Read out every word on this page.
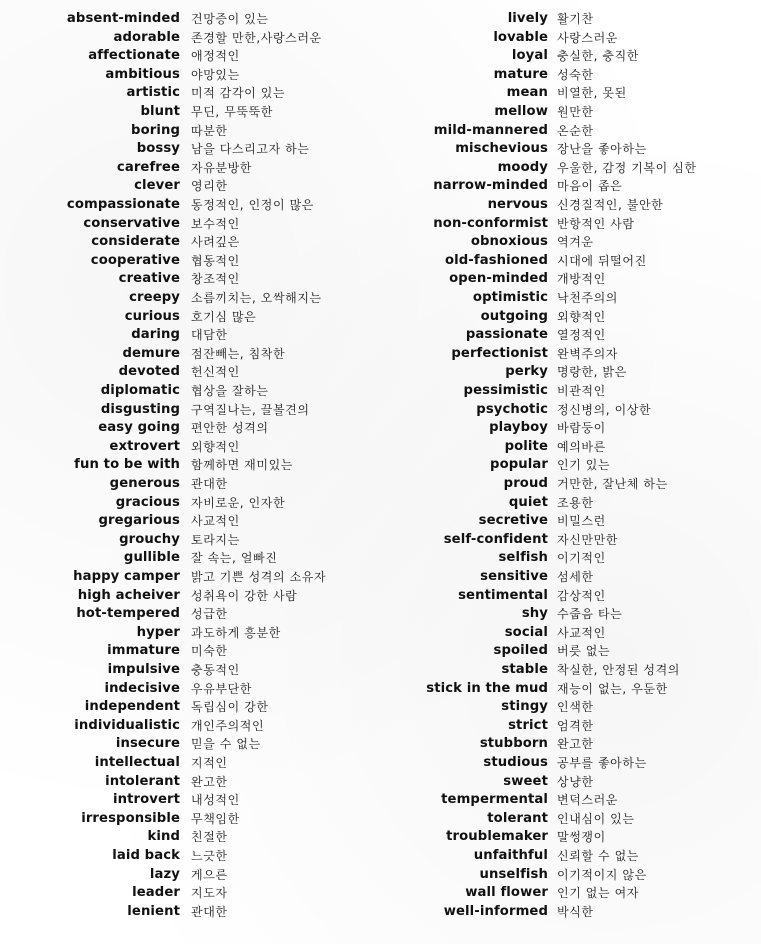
absent-minded 건망증이 있는
adorable 존경할 만한,사랑스러운
affectionate 애정적인
ambitious 야망있는
artistic 미적 감각이 있는
blunt 무딘, 무뚝뚝한
boring 따분한
bossy 남을 다스리고자 하는
carefree 자유분방한
clever 영리한
compassionate 동정적인, 인정이 많은
conservative 보수적인
considerate 사려깊은
cooperative 협동적인
creative 창조적인
creepy 소름끼치는, 오싹해지는
curious 호기심 많은
daring 대담한
demure 점잔빼는, 침착한
devoted 헌신적인
diplomatic 협상을 잘하는
disgusting 구역질나는, 끌볼견의
easy going 편안한 성격의
extrovert 외향적인
fun to be with 함께하면 재미있는
generous 관대한
gracious 자비로운, 인자한
gregarious 사교적인
grouchy 토라지는
gullible 잘 속는, 얼빠진
happy camper 밝고 기쁜 성격의 소유자
high acheiver 성취욕이 강한 사람
hot-tempered 성급한
hyper 과도하게 흥분한
immature 미숙한
impulsive 충동적인
indecisive 우유부단한
independent 독립심이 강한
individualistic 개인주의적인
insecure 믿을 수 없는
intellectual 지적인
intolerant 완고한
introvert 내성적인
irresponsible 무책임한
kind 친절한
laid back 느긋한
lazy 게으른
leader 지도자
lenient 관대한
lively 활기찬
lovable 사랑스러운
loyal 충실한, 충직한
mature 성숙한
mean 비열한, 못된
mellow 원만한
mild-mannered 온순한
mischevious 장난을 좋아하는
moody 우울한, 감정 기복이 심한
narrow-minded 마음이 좁은
nervous 신경질적인, 불안한
non-conformist 반항적인 사람
obnoxious 역겨운
old-fashioned 시대에 뒤떨어진
open-minded 개방적인
optimistic 낙천주의의
outgoing 외향적인
passionate 열정적인
perfectionist 완벽주의자
perky 명랑한, 밝은
pessimistic 비관적인
psychotic 정신병의, 이상한
playboy 바람둥이
polite 예의바른
popular 인기 있는
proud 거만한, 잘난체 하는
quiet 조용한
secretive 비밀스런
self-confident 자신만만한
selfish 이기적인
sensitive 섬세한
sentimental 감상적인
shy 수줍음 타는
social 사교적인
spoiled 버릇 없는
stable 착실한, 안정된 성격의
stick in the mud 재능이 없는, 우둔한
stingy 인색한
strict 엄격한
stubborn 완고한
studious 공부를 좋아하는
sweet 상냥한
tempermental 변덕스러운
tolerant 인내심이 있는
troublemaker 말썽쟁이
unfaithful 신뢰할 수 없는
unselfish 이기적이지 않은
wall flower 인기 없는 여자
well-informed 박식한
